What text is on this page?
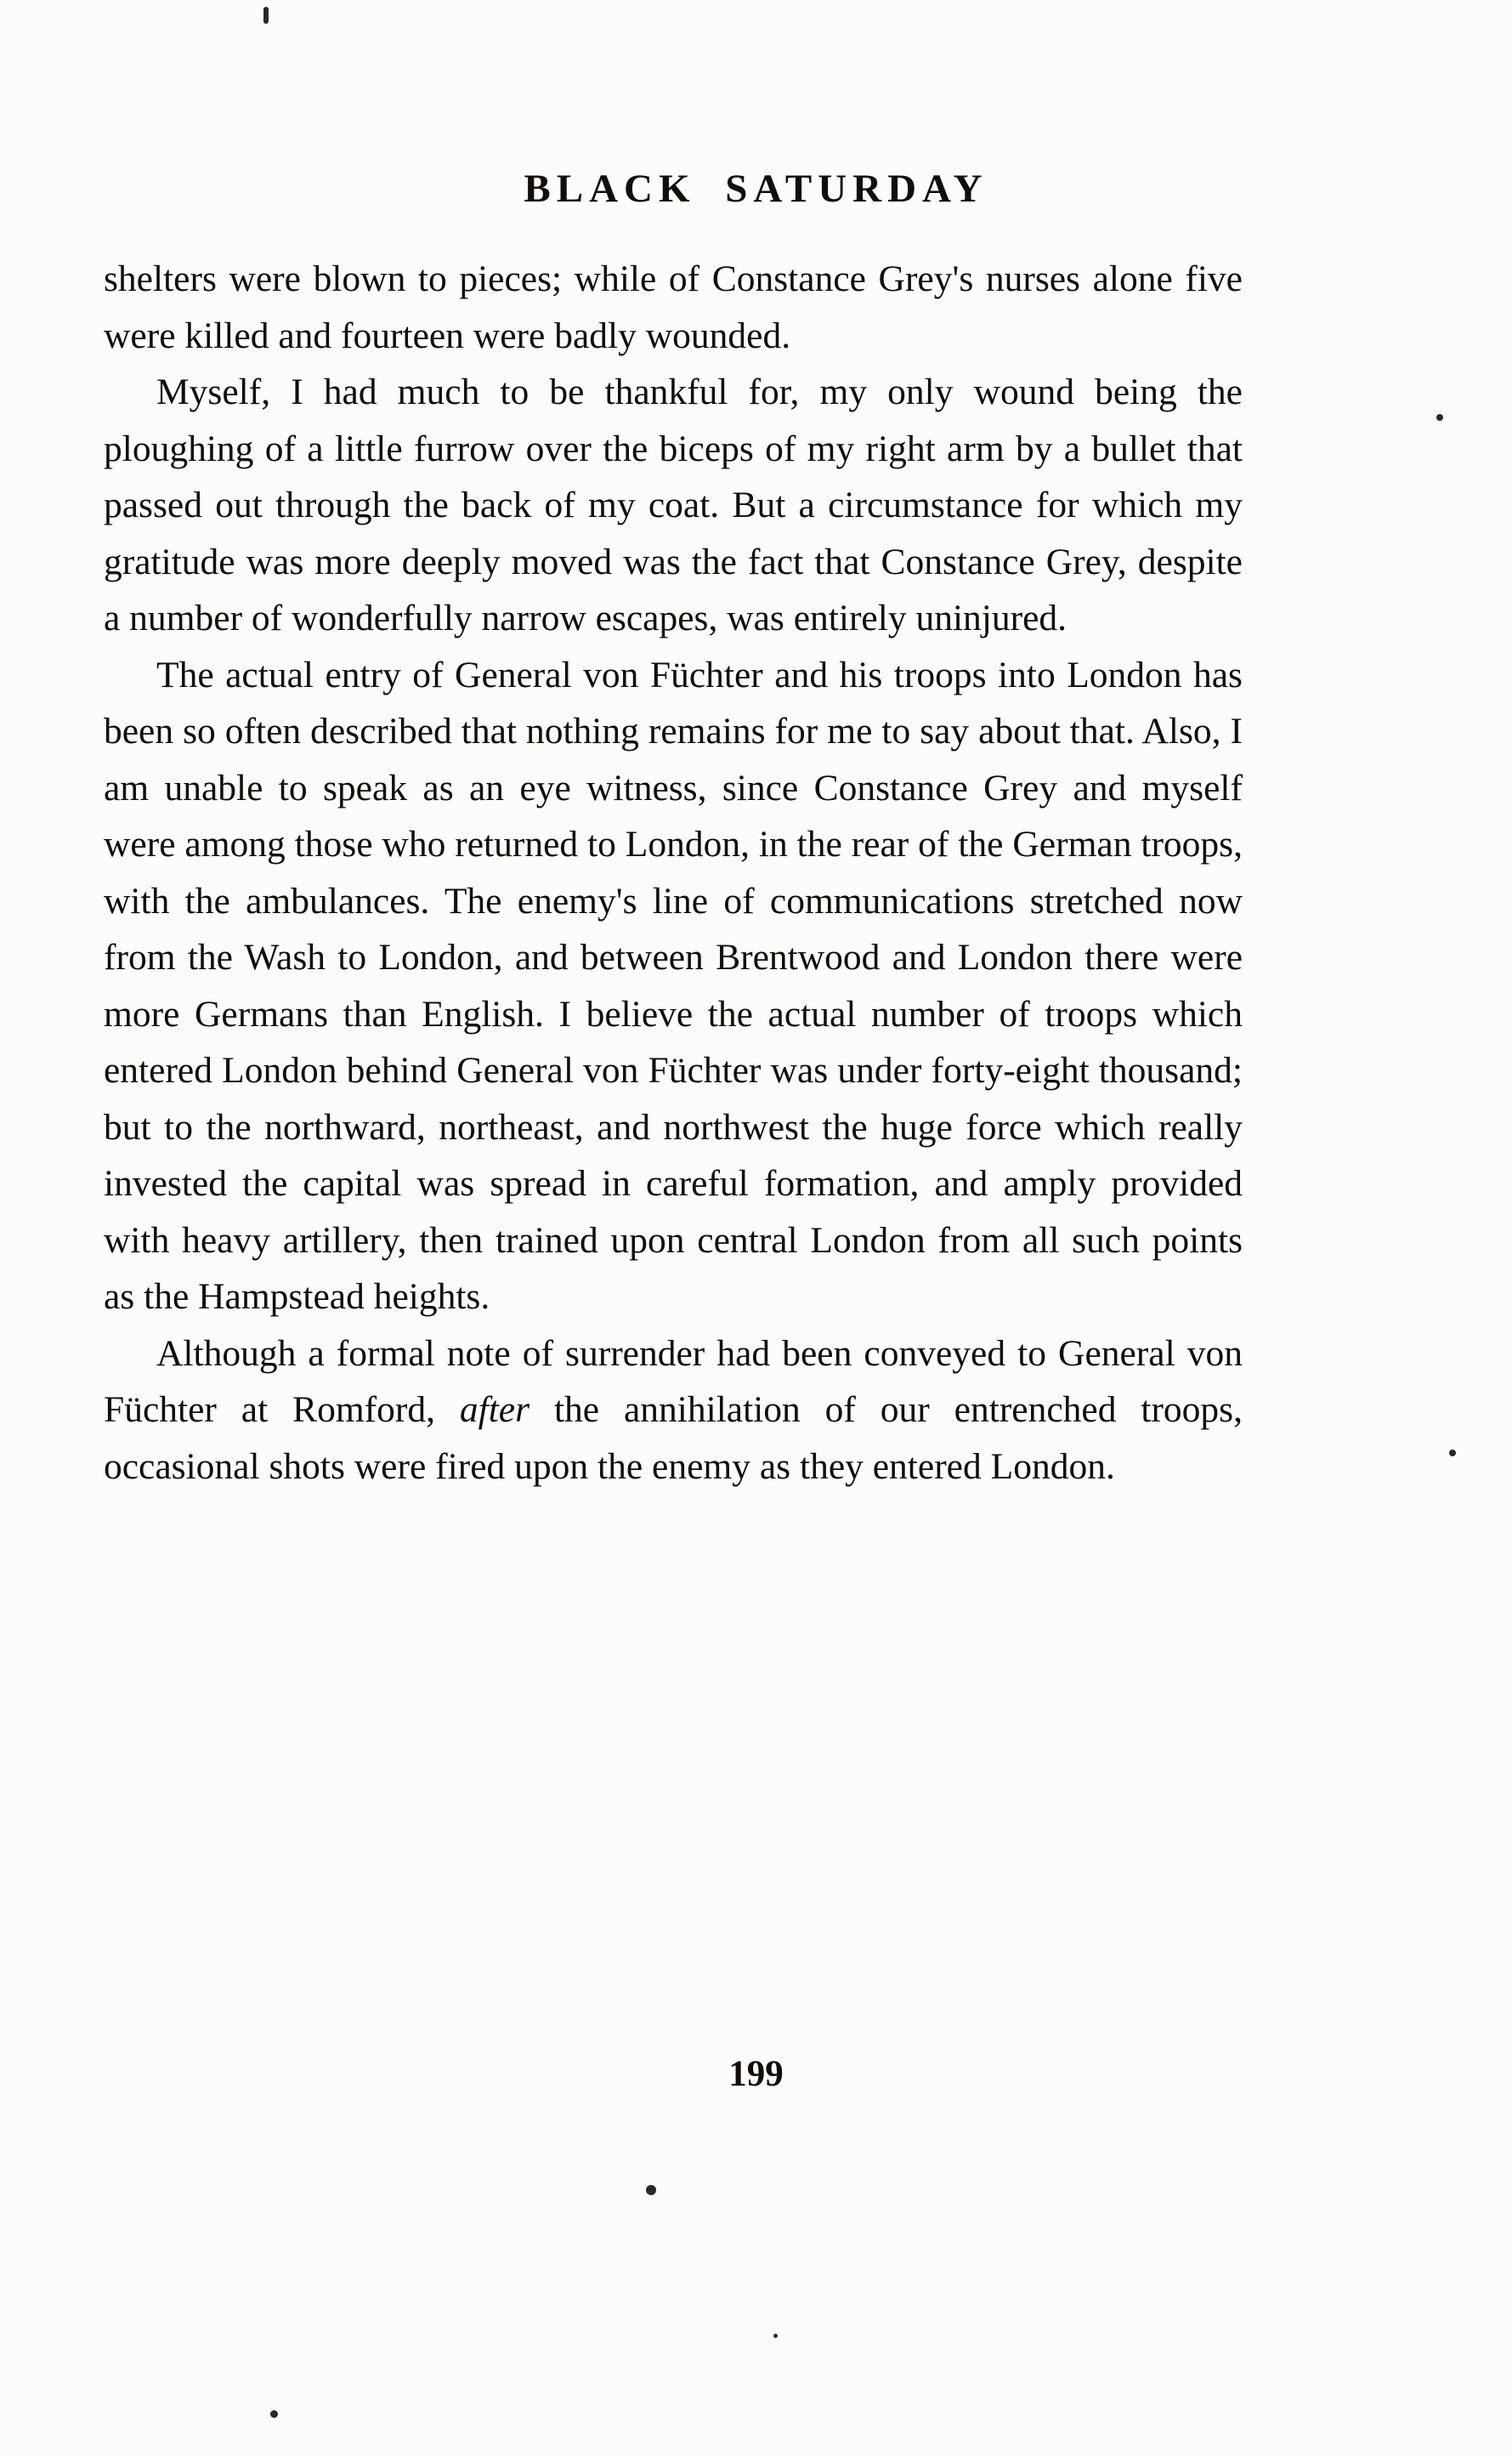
BLACK SATURDAY

shelters were blown to pieces; while of Constance Grey's nurses alone five were killed and fourteen were badly wounded.

Myself, I had much to be thankful for, my only wound being the ploughing of a little furrow over the biceps of my right arm by a bullet that passed out through the back of my coat. But a circumstance for which my gratitude was more deeply moved was the fact that Constance Grey, despite a number of wonderfully narrow escapes, was entirely uninjured.

The actual entry of General von Füchter and his troops into London has been so often described that nothing remains for me to say about that. Also, I am unable to speak as an eye witness, since Constance Grey and myself were among those who returned to London, in the rear of the German troops, with the ambulances. The enemy's line of communications stretched now from the Wash to London, and between Brentwood and London there were more Germans than English. I believe the actual number of troops which entered London behind General von Füchter was under forty-eight thousand; but to the northward, northeast, and northwest the huge force which really invested the capital was spread in careful formation, and amply provided with heavy artillery, then trained upon central London from all such points as the Hampstead heights.

Although a formal note of surrender had been conveyed to General von Füchter at Romford, after the annihilation of our entrenched troops, occasional shots were fired upon the enemy as they entered London.

199
